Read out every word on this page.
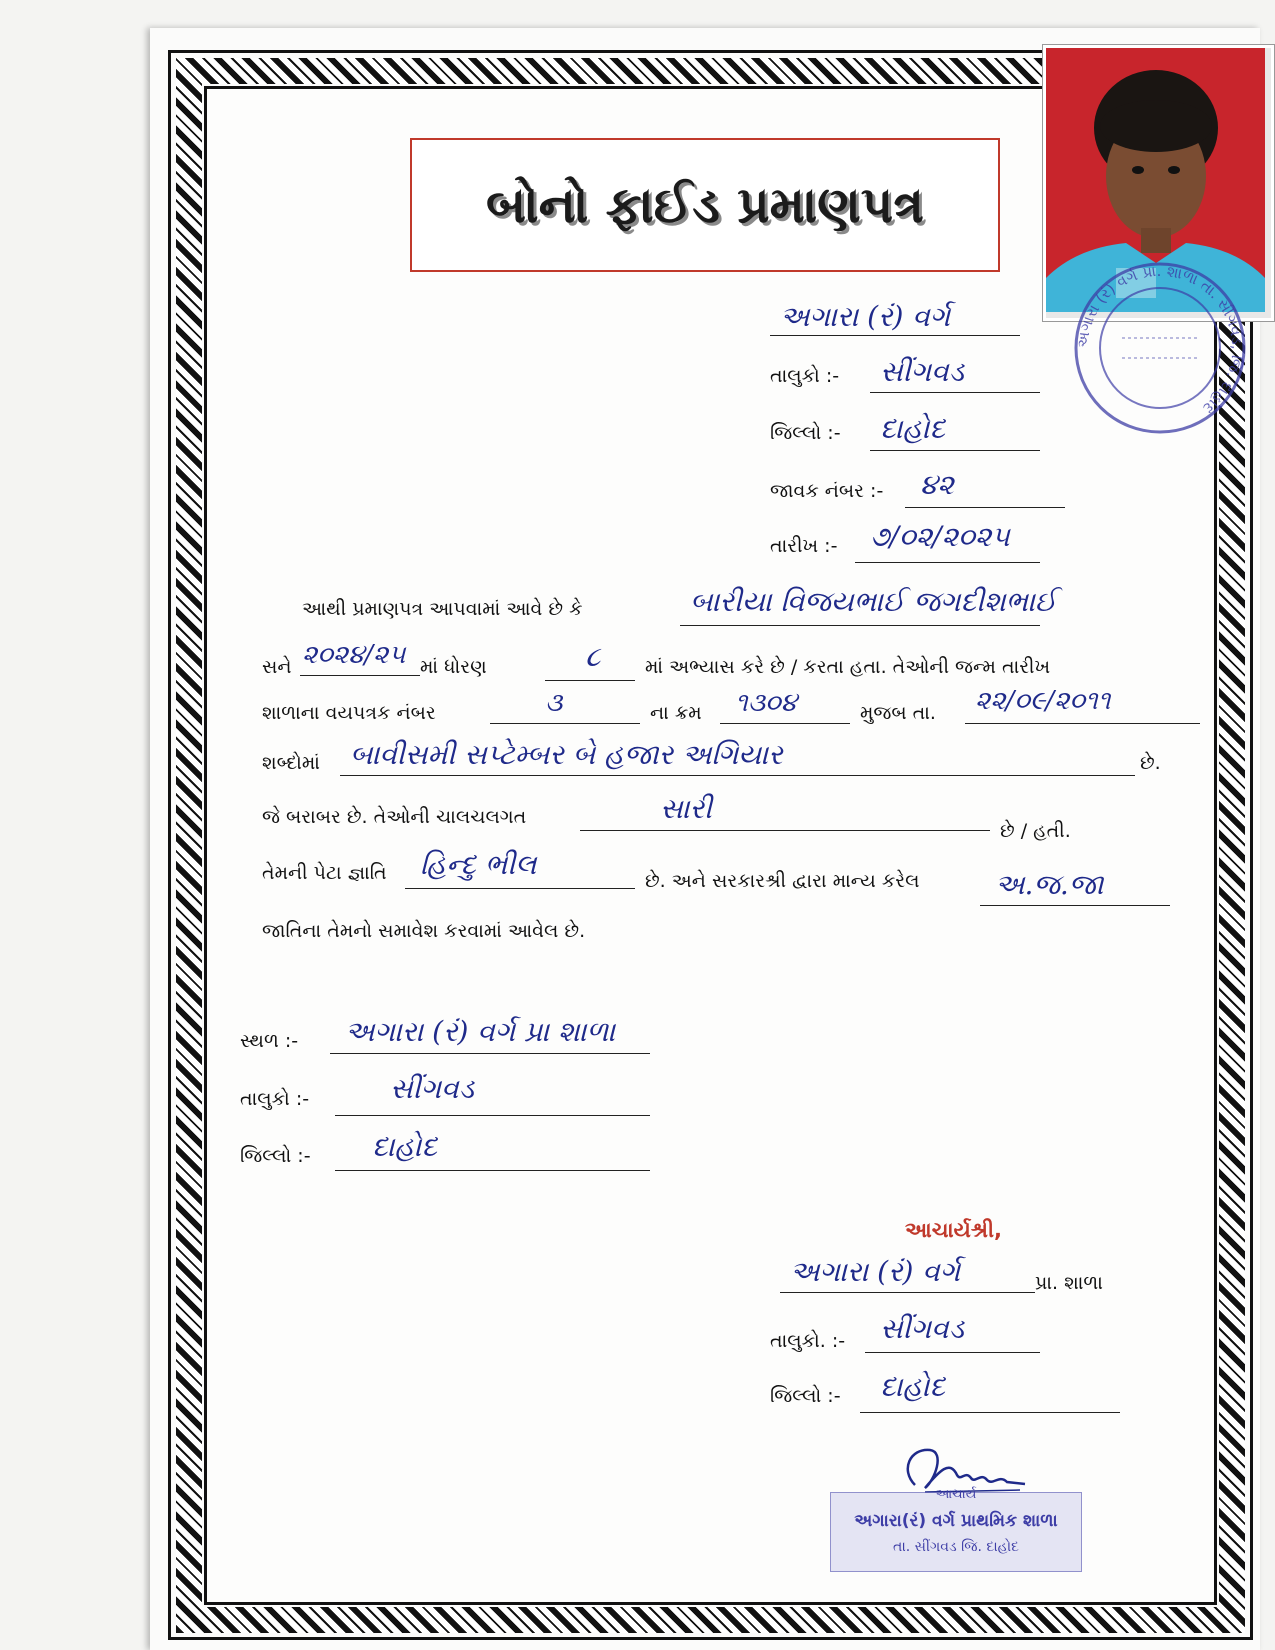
બોનો ફાઈડ પ્રમાણપત્ર
અગારા (રં) વર્ગ પ્રા. શાળા તા. સીંગવડ, જિ. દાહોદ
અગારા (રં) વર્ગ
તાલુકો :- સીંગવડ
જિલ્લો :- દાહોદ
જાવક નંબર :- ૪૨
તારીખ :- ૭/૦૨/૨૦૨૫
આથી પ્રમાણપત્ર આપવામાં આવે છે કે	બારીયા વિજયભાઈ જગદીશભાઈ
સને ૨૦૨૪/૨૫ માં ધોરણ	૮ માં અભ્યાસ કરે છે / કરતા હતા. તેઓની જન્મ તારીખ
શાળાના વયપત્રક નંબર	૩	ના ક્રમ ૧૩૦૪	મુજબ તા. ૨૨/૦૯/૨૦૧૧
શબ્દોમાં બાવીસમી સપ્ટેમ્બર બે હજાર અગિયાર	છે.
જે બરાબર છે. તેઓની ચાલચલગત	સારી
છે / હતી.
તેમની પેટા જ્ઞાતિ હિન્દુ ભીલ	છે. અને સરકારશ્રી દ્વારા માન્ય કરેલ	અ.જ.જા
જાતિના તેમનો સમાવેશ કરવામાં આવેલ છે.
સ્થળ :- અગારા (રં) વર્ગ પ્રા શાળા
તાલુકો :-	સીંગવડ
જિલ્લો :- દાહોદ
આચાર્યશ્રી,
અગારા (રં) વર્ગ	પ્રા. શાળા
તાલુકો. :- સીંગવડ
જિલ્લો :- દાહોદ
આચાર્ય
અગારા(રં) વર્ગ પ્રાથમિક શાળા
તા. સીંગવડ જિ. દાહોદ
